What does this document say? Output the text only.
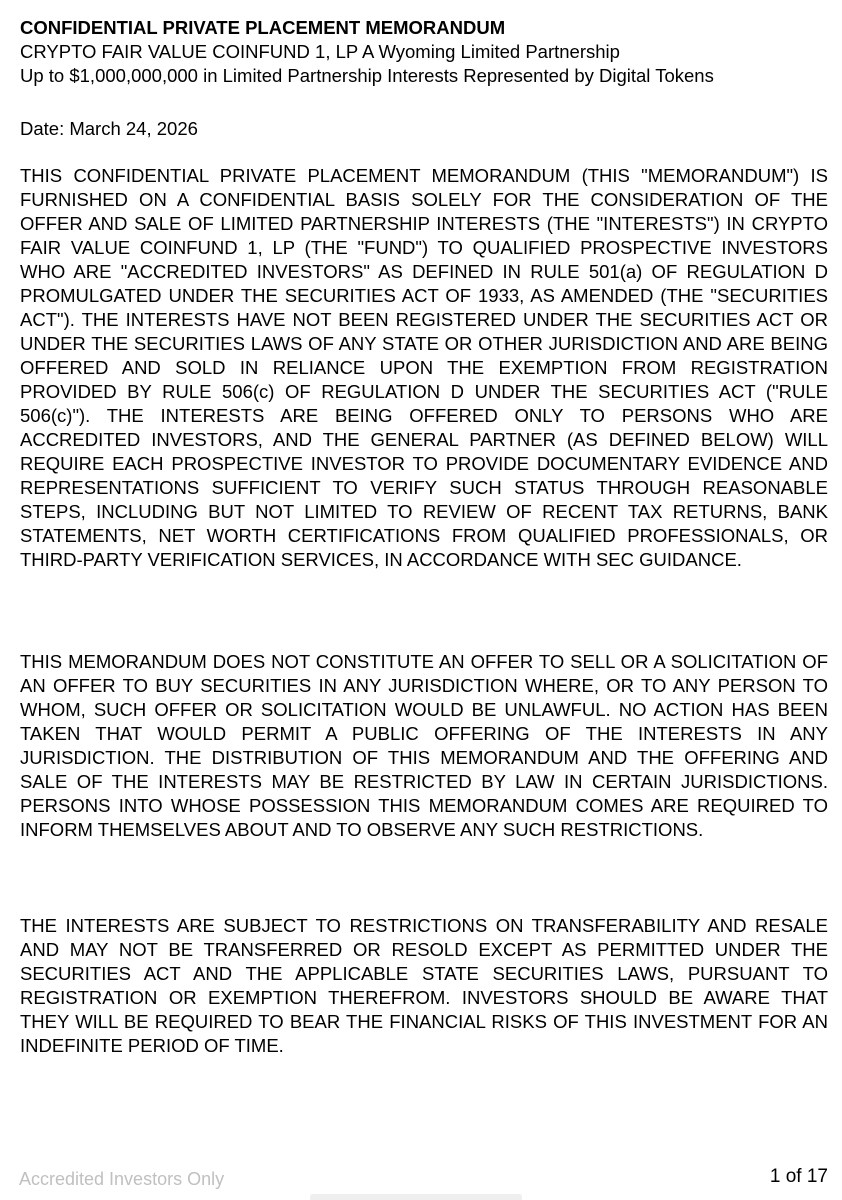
CONFIDENTIAL PRIVATE PLACEMENT MEMORANDUM
CRYPTO FAIR VALUE COINFUND 1, LP A Wyoming Limited Partnership
Up to $1,000,000,000 in Limited Partnership Interests Represented by Digital Tokens
Date: March 24, 2026

THIS CONFIDENTIAL PRIVATE PLACEMENT MEMORANDUM (THIS "MEMORANDUM") IS FURNISHED ON A CONFIDENTIAL BASIS SOLELY FOR THE CONSIDERATION OF THE OFFER AND SALE OF LIMITED PARTNERSHIP INTERESTS (THE "INTERESTS") IN CRYPTO FAIR VALUE COINFUND 1, LP (THE "FUND") TO QUALIFIED PROSPECTIVE INVESTORS WHO ARE "ACCREDITED INVESTORS" AS DEFINED IN RULE 501(a) OF REGULATION D PROMULGATED UNDER THE SECURITIES ACT OF 1933, AS AMENDED (THE "SECURITIES ACT"). THE INTERESTS HAVE NOT BEEN REGISTERED UNDER THE SECURITIES ACT OR UNDER THE SECURITIES LAWS OF ANY STATE OR OTHER JURISDICTION AND ARE BEING OFFERED AND SOLD IN RELIANCE UPON THE EXEMPTION FROM REGISTRATION PROVIDED BY RULE 506(c) OF REGULATION D UNDER THE SECURITIES ACT ("RULE 506(c)"). THE INTERESTS ARE BEING OFFERED ONLY TO PERSONS WHO ARE ACCREDITED INVESTORS, AND THE GENERAL PARTNER (AS DEFINED BELOW) WILL REQUIRE EACH PROSPECTIVE INVESTOR TO PROVIDE DOCUMENTARY EVIDENCE AND REPRESENTATIONS SUFFICIENT TO VERIFY SUCH STATUS THROUGH REASONABLE STEPS, INCLUDING BUT NOT LIMITED TO REVIEW OF RECENT TAX RETURNS, BANK STATEMENTS, NET WORTH CERTIFICATIONS FROM QUALIFIED PROFESSIONALS, OR THIRD-PARTY VERIFICATION SERVICES, IN ACCORDANCE WITH SEC GUIDANCE.

THIS MEMORANDUM DOES NOT CONSTITUTE AN OFFER TO SELL OR A SOLICITATION OF AN OFFER TO BUY SECURITIES IN ANY JURISDICTION WHERE, OR TO ANY PERSON TO WHOM, SUCH OFFER OR SOLICITATION WOULD BE UNLAWFUL. NO ACTION HAS BEEN TAKEN THAT WOULD PERMIT A PUBLIC OFFERING OF THE INTERESTS IN ANY JURISDICTION. THE DISTRIBUTION OF THIS MEMORANDUM AND THE OFFERING AND SALE OF THE INTERESTS MAY BE RESTRICTED BY LAW IN CERTAIN JURISDICTIONS. PERSONS INTO WHOSE POSSESSION THIS MEMORANDUM COMES ARE REQUIRED TO INFORM THEMSELVES ABOUT AND TO OBSERVE ANY SUCH RESTRICTIONS.

THE INTERESTS ARE SUBJECT TO RESTRICTIONS ON TRANSFERABILITY AND RESALE AND MAY NOT BE TRANSFERRED OR RESOLD EXCEPT AS PERMITTED UNDER THE SECURITIES ACT AND THE APPLICABLE STATE SECURITIES LAWS, PURSUANT TO REGISTRATION OR EXEMPTION THEREFROM. INVESTORS SHOULD BE AWARE THAT THEY WILL BE REQUIRED TO BEAR THE FINANCIAL RISKS OF THIS INVESTMENT FOR AN INDEFINITE PERIOD OF TIME.

Accredited Investors Only	1 of 17
